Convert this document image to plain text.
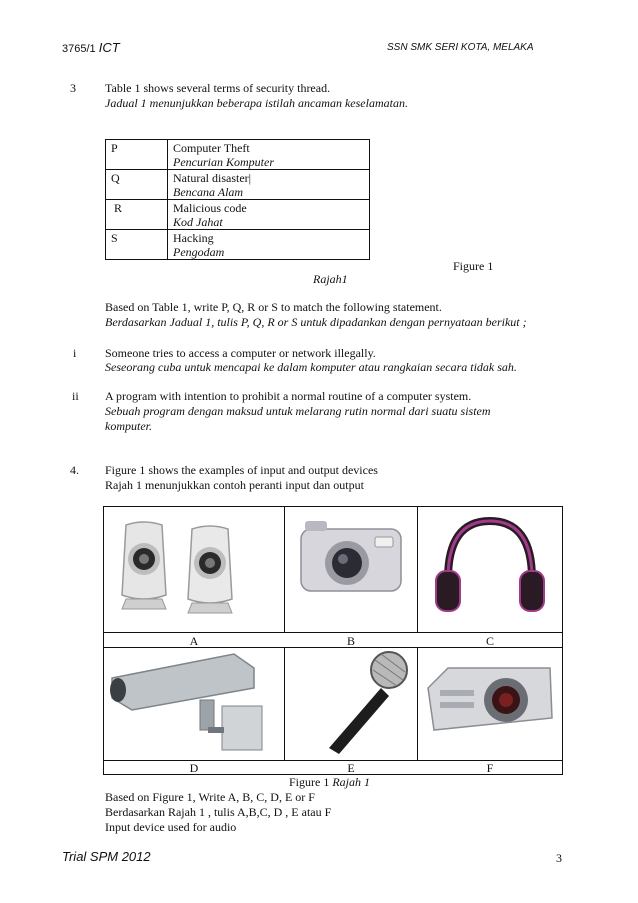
3765/1 ICT	SSN SMK SERI KOTA, MELAKA
3 Table 1 shows several terms of security thread.
Jadual 1 menunjukkan beberapa istilah ancaman keselamatan.
P	Computer Theft
Pencurian Komputer

Q	Natural disaster|
Bencana Alam

R	Malicious code
Kod Jahat

S	Hacking
Pengodam
Figure 1
Rajah1
Based on Table 1, write P, Q, R or S to match the following statement.
Berdasarkan Jadual 1, tulis P, Q, R or S untuk dipadankan dengan pernyataan berikut ;
i Someone tries to access a computer or network illegally.
Seseorang cuba untuk mencapai ke dalam komputer atau rangkaian secara tidak sah.
ii A program with intention to prohibit a normal routine of a computer system.
Sebuah program dengan maksud untuk melarang rutin normal dari suatu sistem
komputer.
4. Figure 1 shows the examples of input and output devices
Rajah 1 menunjukkan contoh peranti input dan output
A	B	C
D	E	F
Figure 1 Rajah 1
Based on Figure 1, Write A, B, C, D, E or F
Berdasarkan Rajah 1 , tulis A,B,C, D , E atau F
Input device used for audio
Trial SPM 2012	3
